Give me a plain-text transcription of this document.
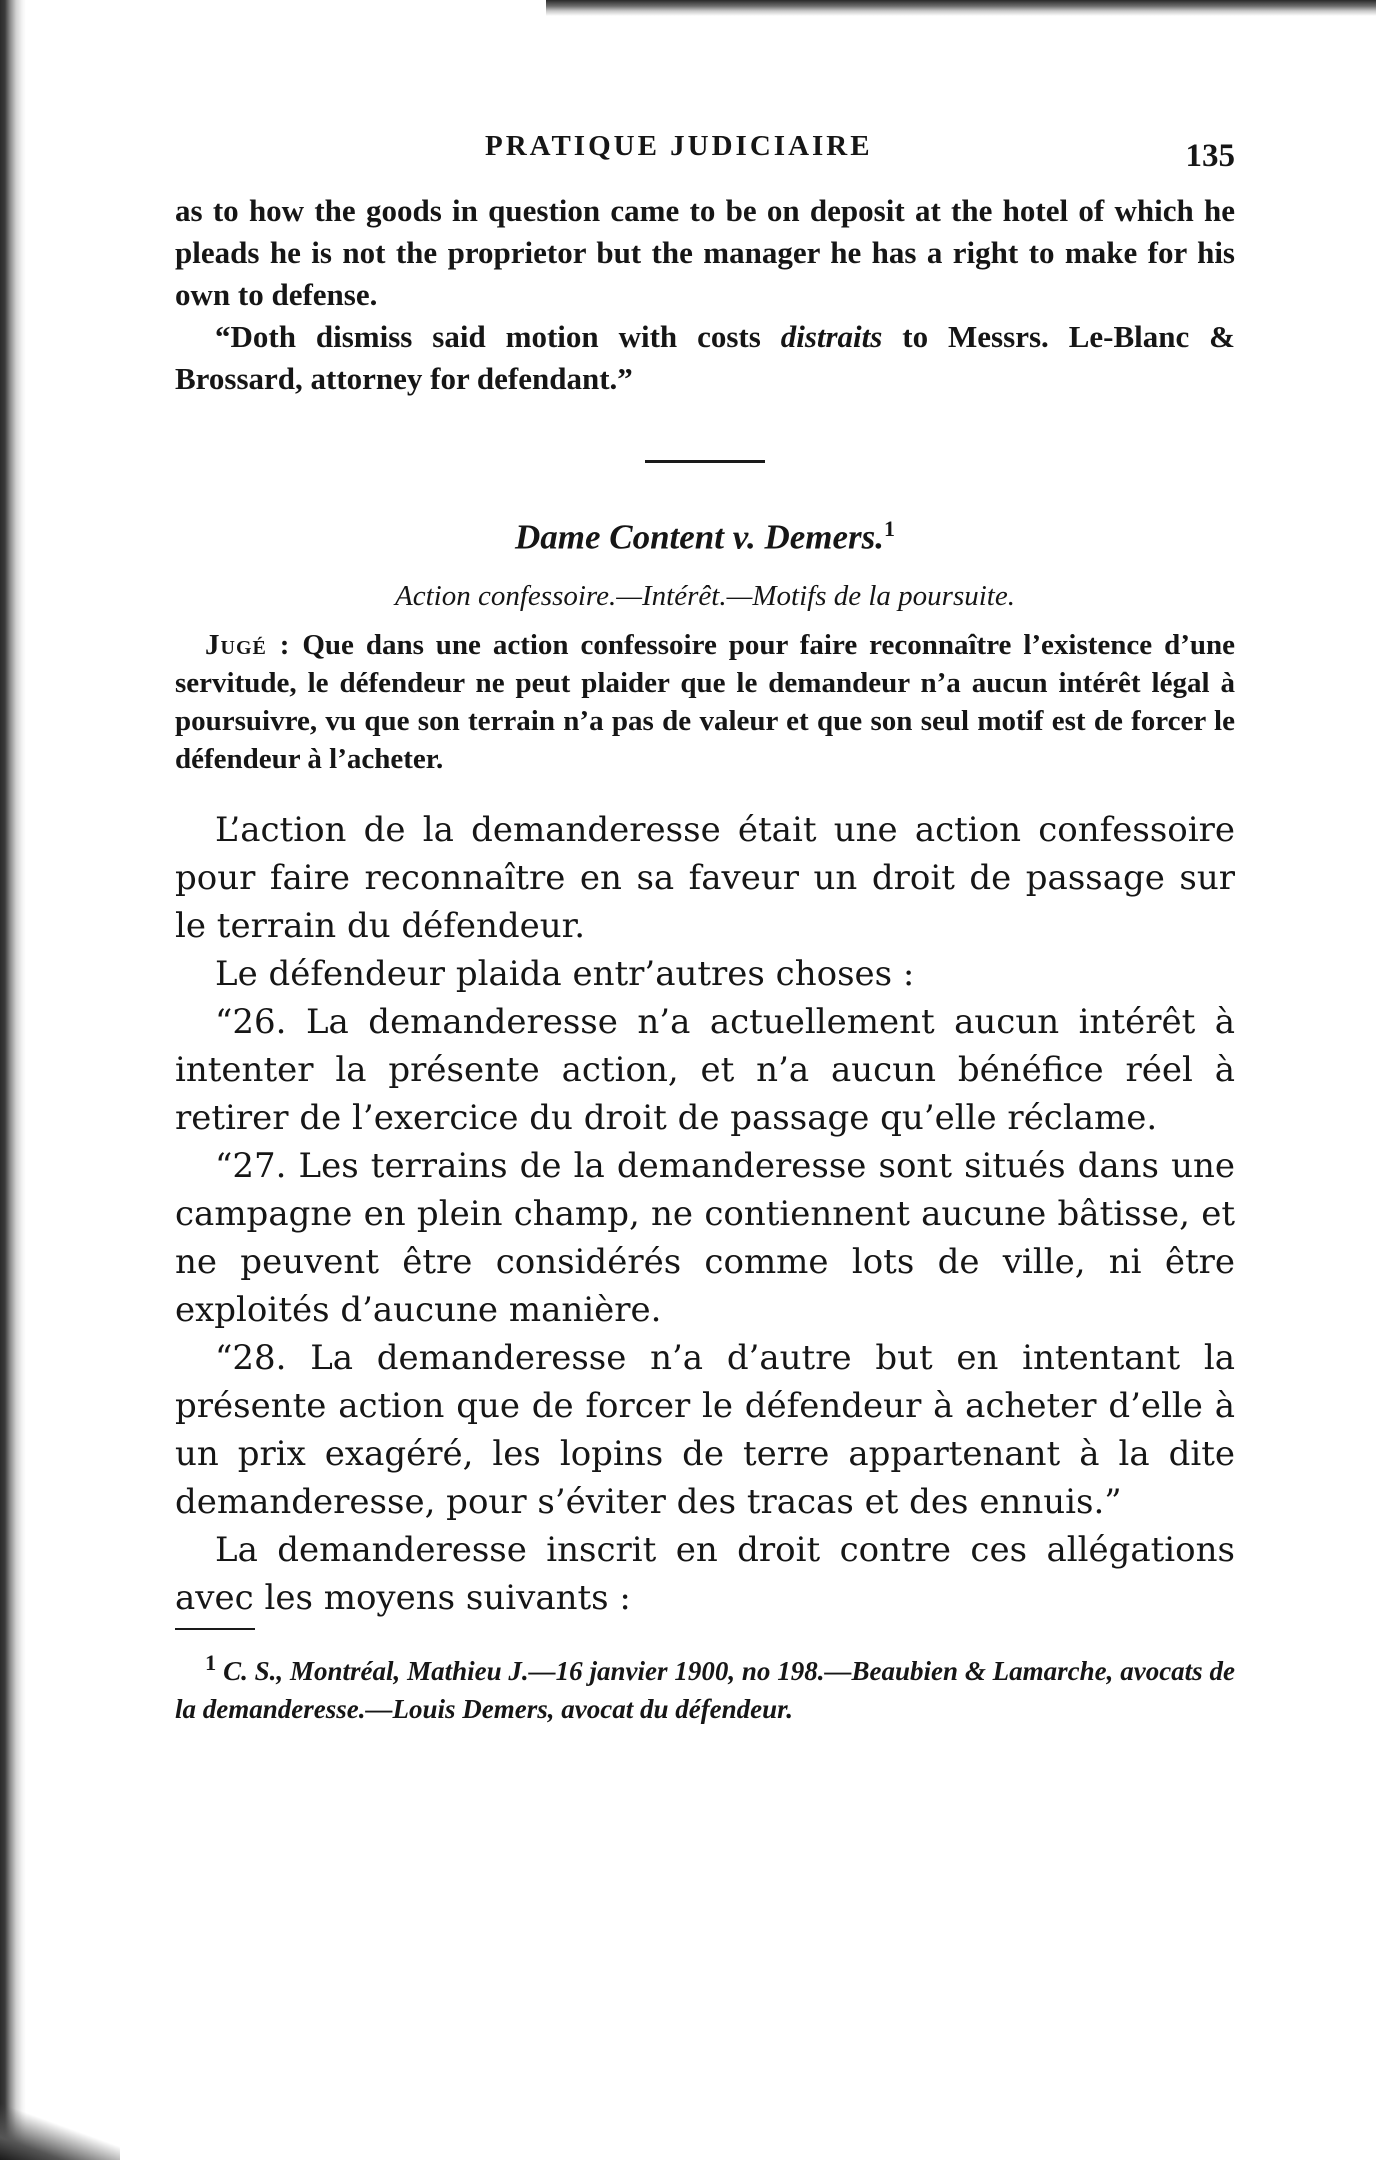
PRATIQUE JUDICIAIRE	135

as to how the goods in question came to be on deposit at the hotel of which he pleads he is not the proprietor but the manager he has a right to make for his own to defense.

“Doth dismiss said motion with costs distraits to Messrs. Le-Blanc & Brossard, attorney for defendant.”

Dame Content v. Demers.$^1$

Action confessoire.—Intérêt.—Motifs de la poursuite.

Jugé : Que dans une action confessoire pour faire reconnaître l’existence d’une servitude, le défendeur ne peut plaider que le demandeur n’a aucun intérêt légal à poursuivre, vu que son terrain n’a pas de valeur et que son seul motif est de forcer le défendeur à l’acheter.

L’action de la demanderesse était une action confessoire pour faire reconnaître en sa faveur un droit de passage sur le terrain du défendeur.

Le défendeur plaida entr’autres choses :

“26. La demanderesse n’a actuellement aucun intérêt à intenter la présente action, et n’a aucun bénéfice réel à retirer de l’exercice du droit de passage qu’elle réclame.

“27. Les terrains de la demanderesse sont situés dans une campagne en plein champ, ne contiennent aucune bâtisse, et ne peuvent être considérés comme lots de ville, ni être exploités d’aucune manière.

“28. La demanderesse n’a d’autre but en intentant la présente action que de forcer le défendeur à acheter d’elle à un prix exagéré, les lopins de terre appartenant à la dite demanderesse, pour s’éviter des tracas et des ennuis.”

La demanderesse inscrit en droit contre ces allégations avec les moyens suivants :

$^1$ C. S., Montréal, Mathieu J.—16 janvier 1900, no 198.—Beaubien & Lamarche, avocats de la demanderesse.—Louis Demers, avocat du défendeur.
